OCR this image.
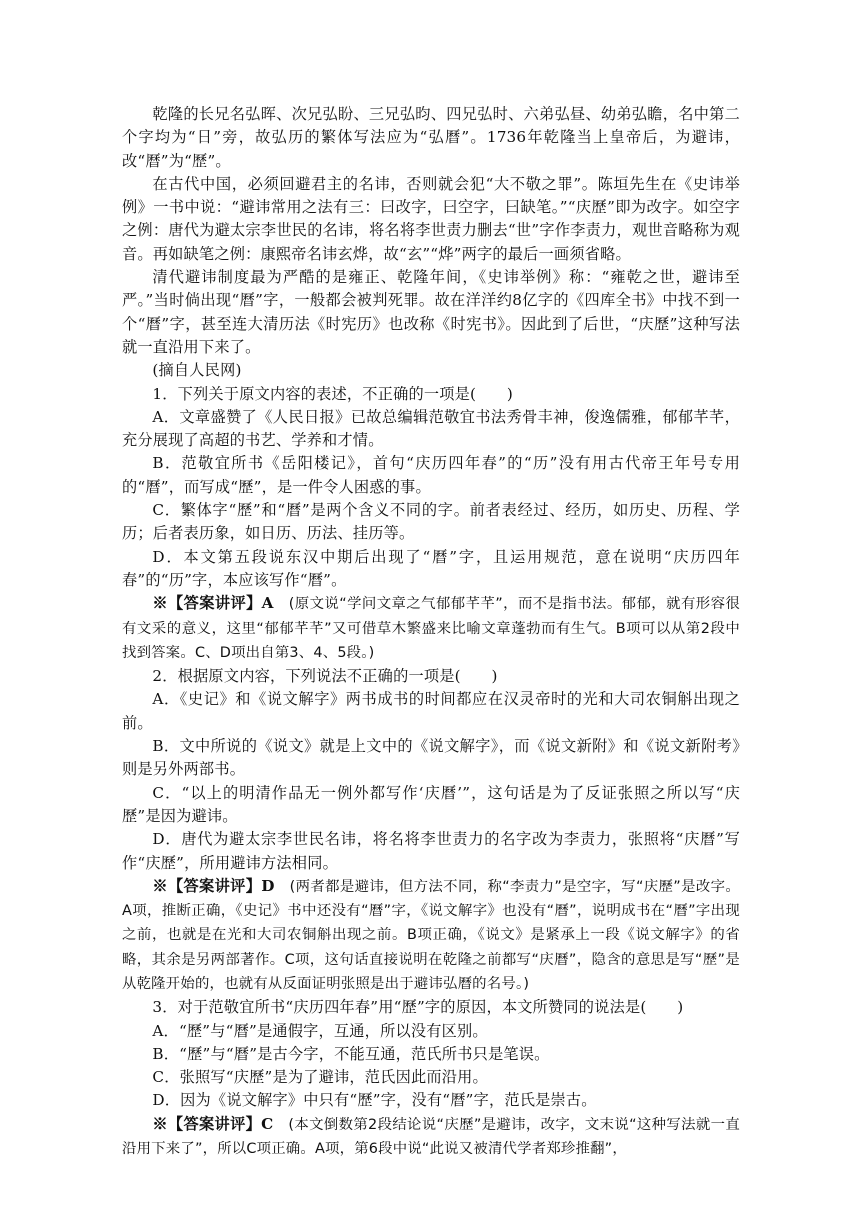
乾隆的长兄名弘晖、次兄弘盼、三兄弘昀、四兄弘时、六弟弘昼、幼弟弘瞻，名中第二个字均为“日”旁，故弘历的繁体写法应为“弘曆”。1736年乾隆当上皇帝后，为避讳，改“曆”为“歷”。

在古代中国，必须回避君主的名讳，否则就会犯“大不敬之罪”。陈垣先生在《史讳举例》一书中说：“避讳常用之法有三：曰改字，曰空字，曰缺笔。”“庆歷”即为改字。如空字之例：唐代为避太宗李世民的名讳，将名将李世责力删去“世”字作李责力，观世音略称为观音。再如缺笔之例：康熙帝名讳玄烨，故“玄”“烨”两字的最后一画须省略。

清代避讳制度最为严酷的是雍正、乾隆年间，《史讳举例》称：“雍乾之世，避讳至严。”当时倘出现“曆”字，一般都会被判死罪。故在洋洋约8亿字的《四库全书》中找不到一个“曆”字，甚至连大清历法《时宪历》也改称《时宪书》。因此到了后世，“庆歷”这种写法就一直沿用下来了。

(摘自人民网)

1．下列关于原文内容的表述，不正确的一项是(　　)

A．文章盛赞了《人民日报》已故总编辑范敬宜书法秀骨丰神，俊逸儒雅，郁郁芊芊，充分展现了高超的书艺、学养和才情。

B．范敬宜所书《岳阳楼记》，首句“庆历四年春”的“历”没有用古代帝王年号专用的“曆”，而写成“歷”，是一件令人困惑的事。

C．繁体字“歷”和“曆”是两个含义不同的字。前者表经过、经历，如历史、历程、学历；后者表历象，如日历、历法、挂历等。

D．本文第五段说东汉中期后出现了“曆”字，且运用规范，意在说明“庆历四年春”的“历”字，本应该写作“曆”。

※【答案讲评】A　(原文说“学问文章之气郁郁芊芊”，而不是指书法。郁郁，就有形容很有文采的意义，这里“郁郁芊芊”又可借草木繁盛来比喻文章蓬勃而有生气。B项可以从第2段中找到答案。C、D项出自第3、4、5段。)

2．根据原文内容，下列说法不正确的一项是(　　)

A．《史记》和《说文解字》两书成书的时间都应在汉灵帝时的光和大司农铜斛出现之前。

B．文中所说的《说文》就是上文中的《说文解字》，而《说文新附》和《说文新附考》则是另外两部书。

C．“以上的明清作品无一例外都写作‘庆曆’”，这句话是为了反证张照之所以写“庆歷”是因为避讳。

D．唐代为避太宗李世民名讳，将名将李世责力的名字改为李责力，张照将“庆曆”写作“庆歷”，所用避讳方法相同。

※【答案讲评】D　(两者都是避讳，但方法不同，称“李责力”是空字，写“庆歷”是改字。A项，推断正确，《史记》书中还没有“曆”字，《说文解字》也没有“曆”，说明成书在“曆”字出现之前，也就是在光和大司农铜斛出现之前。B项正确，《说文》是紧承上一段《说文解字》的省略，其余是另两部著作。C项，这句话直接说明在乾隆之前都写“庆曆”，隐含的意思是写“歷”是从乾隆开始的，也就有从反面证明张照是出于避讳弘曆的名号。)

3．对于范敬宜所书“庆历四年春”用“歷”字的原因，本文所赞同的说法是(　　)

A．“歷”与“曆”是通假字，互通，所以没有区别。

B．“歷”与“曆”是古今字，不能互通，范氏所书只是笔误。

C．张照写“庆歷”是为了避讳，范氏因此而沿用。

D．因为《说文解字》中只有“歷”字，没有“曆”字，范氏是崇古。

※【答案讲评】C　(本文倒数第2段结论说“庆歷”是避讳，改字，文末说“这种写法就一直沿用下来了”，所以C项正确。A项，第6段中说“此说又被清代学者郑珍推翻”，
